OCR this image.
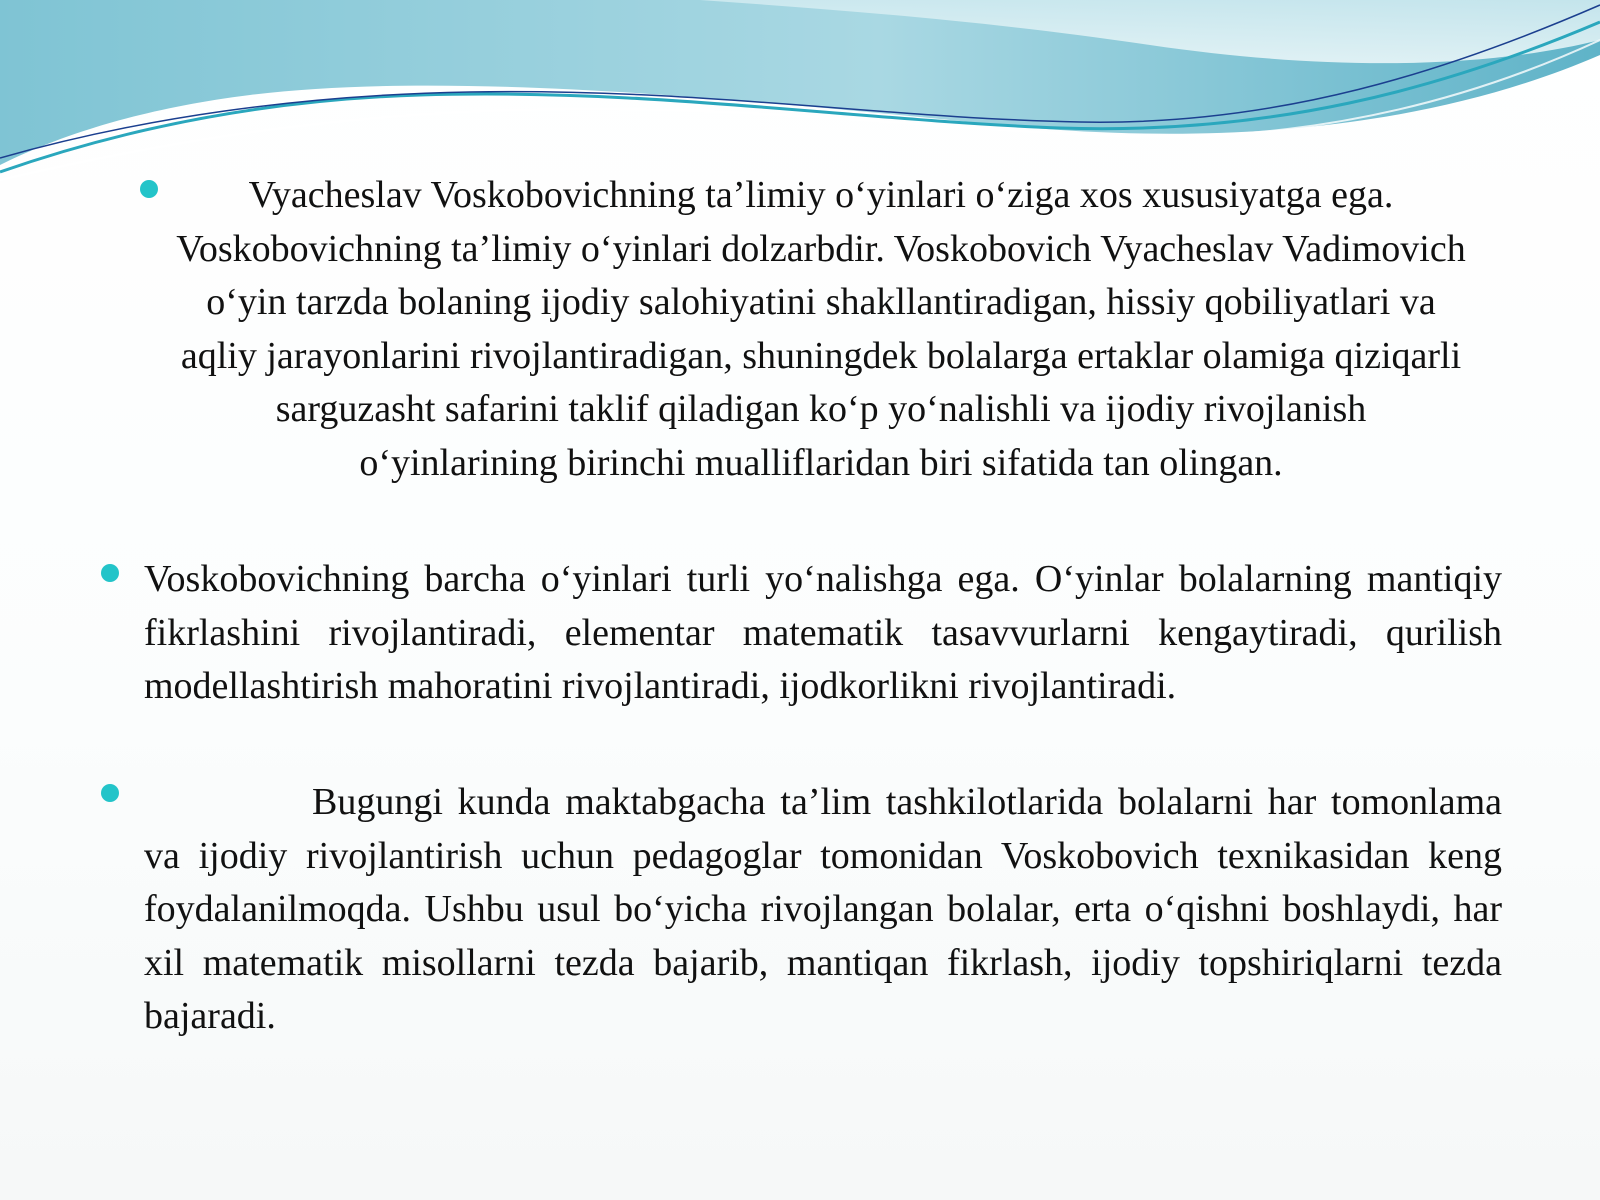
Vyacheslav Voskobovichning ta’limiy o‘yinlari o‘ziga xos xususiyatga ega. Voskobovichning ta’limiy o‘yinlari dolzarbdir. Voskobovich Vyacheslav Vadimovich o‘yin tarzda bolaning ijodiy salohiyatini shakllantiradigan, hissiy qobiliyatlari va aqliy jarayonlarini rivojlantiradigan, shuningdek bolalarga ertaklar olamiga qiziqarli sarguzasht safarini taklif qiladigan ko‘p yo‘nalishli va ijodiy rivojlanish o‘yinlarining birinchi mualliflaridan biri sifatida tan olingan.

Voskobovichning barcha o‘yinlari turli yo‘nalishga ega. O‘yinlar bolalarning mantiqiy fikrlashini rivojlantiradi, elementar matematik tasavvurlarni kengaytiradi, qurilish modellashtirish mahoratini rivojlantiradi, ijodkorlikni rivojlantiradi.

Bugungi kunda maktabgacha ta’lim tashkilotlarida bolalarni har tomonlama va ijodiy rivojlantirish uchun pedagoglar tomonidan Voskobovich texnikasidan keng foydalanilmoqda. Ushbu usul bo‘yicha rivojlangan bolalar, erta o‘qishni boshlaydi, har xil matematik misollarni tezda bajarib, mantiqan fikrlash, ijodiy topshiriqlarni tezda bajaradi.
